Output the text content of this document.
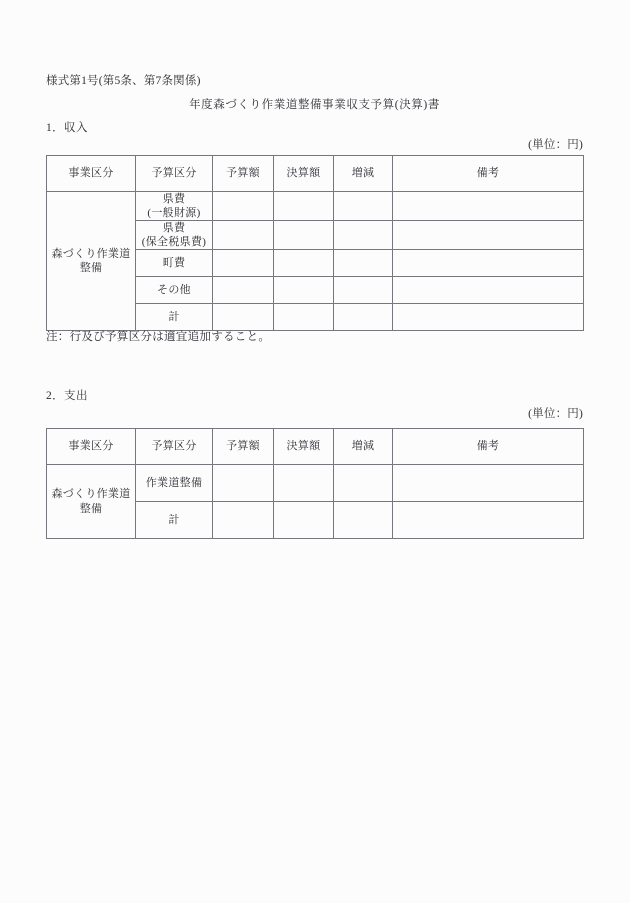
様式第1号(第5条、第7条関係)
年度森づくり作業道整備事業収支予算(決算)書
1．収入
(単位：円)
事業区分	予算区分	予算額	決算額	増減	備考
森づくり作業道整備	県費
(一般財源)				
	県費
(保全税県費)				
	町費				
	その他				
	計				
注：行及び予算区分は適宜追加すること。
2．支出
(単位：円)
事業区分	予算区分	予算額	決算額	増減	備考
森づくり作業道整備	作業道整備				
	計				
